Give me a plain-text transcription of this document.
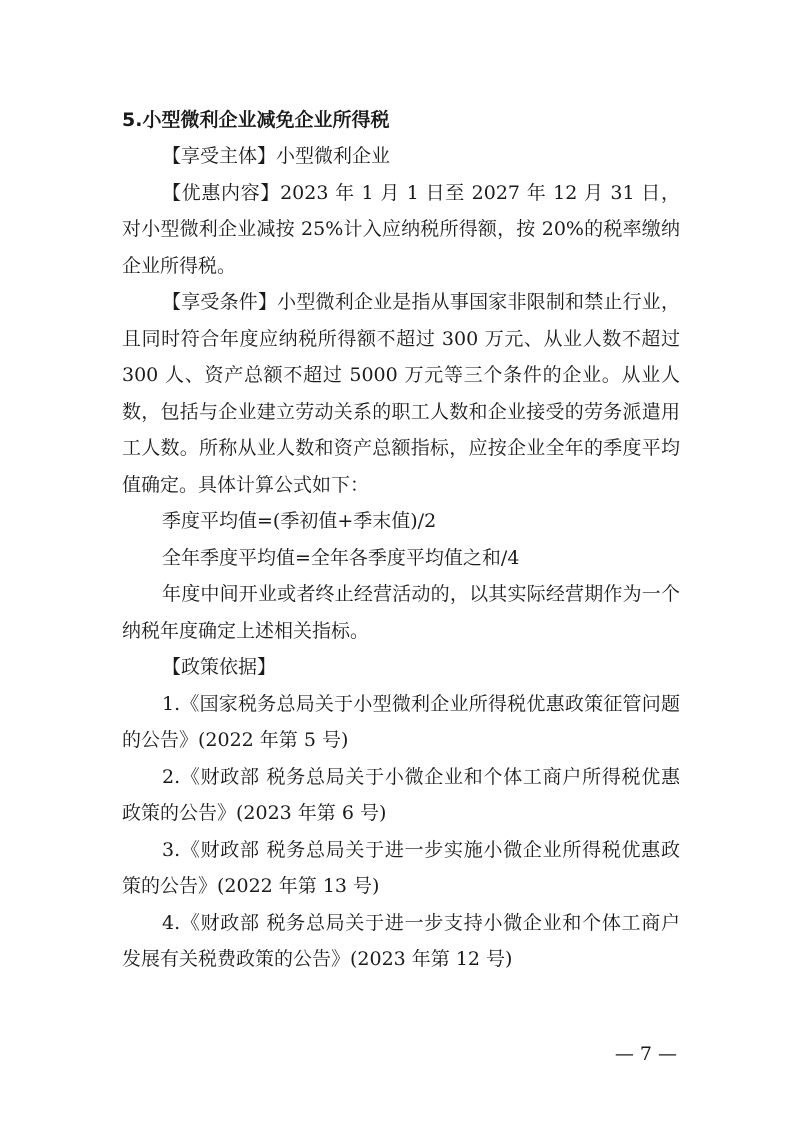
5.小型微利企业减免企业所得税

【享受主体】小型微利企业

【优惠内容】2023 年 1 月 1 日至 2027 年 12 月 31 日，对小型微利企业减按 25%计入应纳税所得额，按 20%的税率缴纳企业所得税。

【享受条件】小型微利企业是指从事国家非限制和禁止行业，且同时符合年度应纳税所得额不超过 300 万元、从业人数不超过 300 人、资产总额不超过 5000 万元等三个条件的企业。从业人数，包括与企业建立劳动关系的职工人数和企业接受的劳务派遣用工人数。所称从业人数和资产总额指标，应按企业全年的季度平均值确定。具体计算公式如下：

季度平均值=(季初值+季末值)/2

全年季度平均值=全年各季度平均值之和/4

年度中间开业或者终止经营活动的，以其实际经营期作为一个纳税年度确定上述相关指标。

【政策依据】

1.《国家税务总局关于小型微利企业所得税优惠政策征管问题的公告》(2022 年第 5 号)

2.《财政部 税务总局关于小微企业和个体工商户所得税优惠政策的公告》(2023 年第 6 号)

3.《财政部 税务总局关于进一步实施小微企业所得税优惠政策的公告》(2022 年第 13 号)

4.《财政部 税务总局关于进一步支持小微企业和个体工商户发展有关税费政策的公告》(2023 年第 12 号)

— 7 —
